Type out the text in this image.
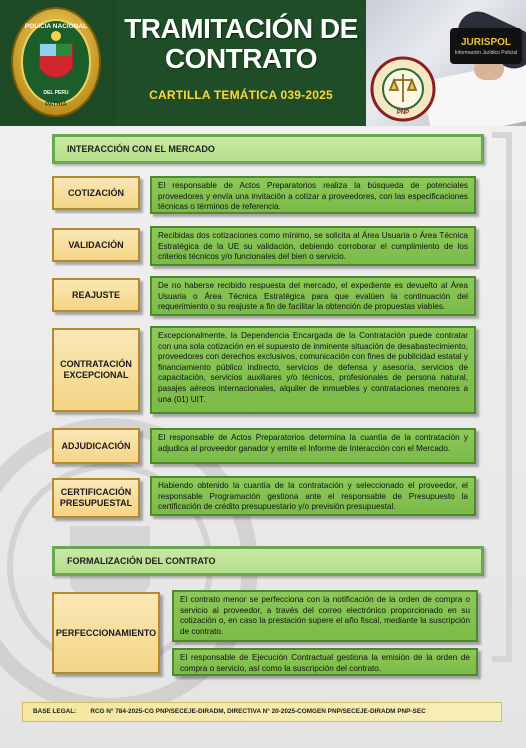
POLICIA NACIONAL
DEL PERU
PATRIA
TRAMITACIÓN DE
CONTRATO
CARTILLA TEMÁTICA 039-2025
PNP
JURISPOL
Información Jurídico Policial
INTERACCIÓN CON EL MERCADO
COTIZACIÓN
El responsable de Actos Preparatorios realiza la búsqueda de potenciales proveedores y envía una invitación a cotizar a proveedores, con las especificaciones técnicas o términos de referencia.
VALIDACIÓN
Recibidas dos cotizaciones como mínimo, se solicita al Área Usuaria o Área Técnica Estratégica de la UE su validación, debiendo corroborar el cumplimiento de los criterios técnicos y/o funcionales del bien o servicio.
REAJUSTE
De no haberse recibido respuesta del mercado, el expediente es devuelto al Área Usuaria o Área Técnica Estratégica para que evalúen la continuación del requerimiento o su reajuste a fin de facilitar la obtención de propuestas viables.
CONTRATACIÓN EXCEPCIONAL
Excepcionalmente, la Dependencia Encargada de la Contratación puede contratar con una sola cotización en el supuesto de inminente situación de desabastecimiento, proveedores con derechos exclusivos, comunicación con fines de publicidad estatal y financiamiento público indirecto, servicios de defensa y asesoría, servicios de capacitación, servicios auxiliares y/o técnicos, profesionales de persona natural, pasajes aéreos internacionales, alquiler de inmuebles y contrataciones menores a una (01) UIT.
ADJUDICACIÓN
El responsable de Actos Preparatorios determina la cuantía de la contratación y adjudica al proveedor ganador y emite el Informe de Interacción con el Mercado.
CERTIFICACIÓN PRESUPUESTAL
Habiendo obtenido la cuantía de la contratación y seleccionado el proveedor, el responsable Programación gestiona ante el responsable de Presupuesto la certificación de crédito presupuestario y/o previsión presupuestal.
FORMALIZACIÓN DEL CONTRATO
PERFECCIONAMIENTO
El contrato menor se perfecciona con la notificación de la orden de compra o servicio al proveedor, a través del correo electrónico proporcionado en su cotización o, en caso la prestación supere el año fiscal, mediante la suscripción de contrato.
El responsable de Ejecución Contractual gestiona la emisión de la orden de compra o servicio, así como la suscripción del contrato.
BASE LEGAL: RCG N° 784-2025-CG PNP/SECEJE-DIRADM, DIRECTIVA N° 20-2025-COMGEN PNP/SECEJE-DIRADM PNP-SEC
